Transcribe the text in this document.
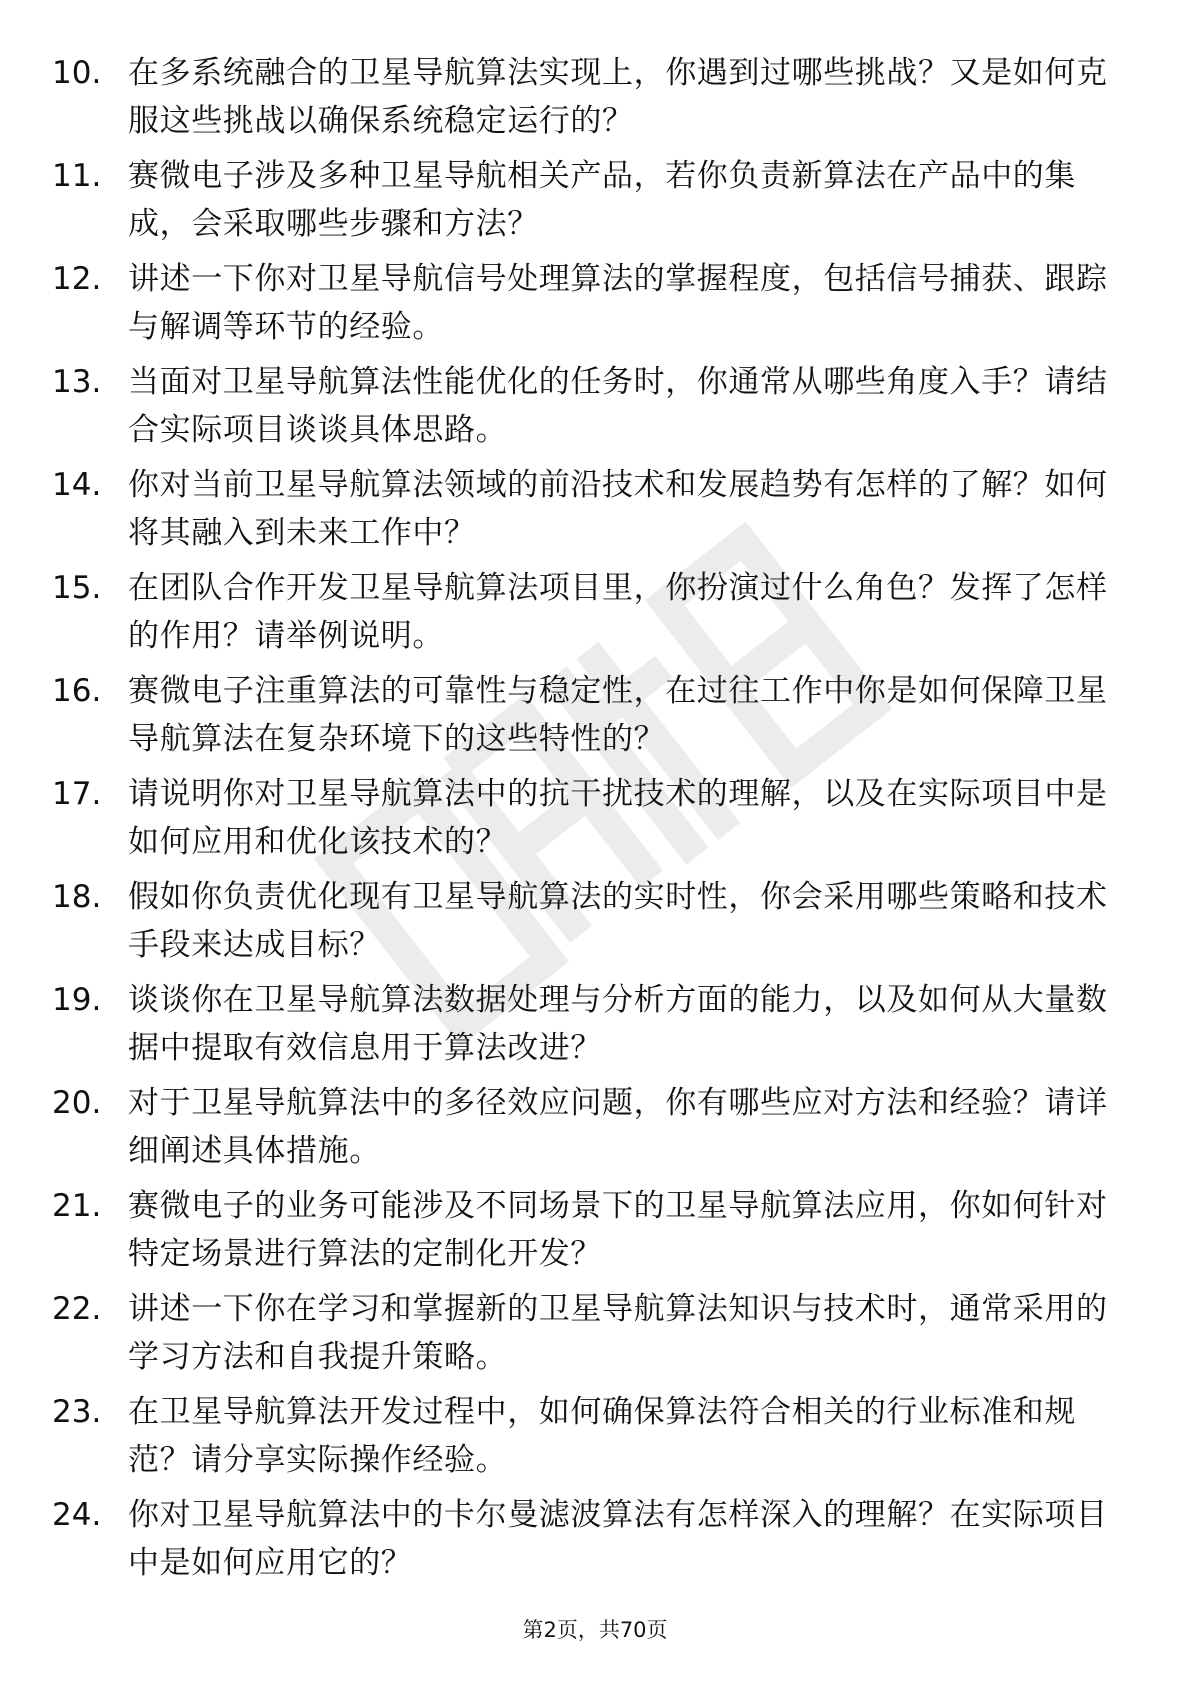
10. 在多系统融合的卫星导航算法实现上，你遇到过哪些挑战？又是如何克服这些挑战以确保系统稳定运行的？
11. 赛微电子涉及多种卫星导航相关产品，若你负责新算法在产品中的集成，会采取哪些步骤和方法？
12. 讲述一下你对卫星导航信号处理算法的掌握程度，包括信号捕获、跟踪与解调等环节的经验。
13. 当面对卫星导航算法性能优化的任务时，你通常从哪些角度入手？请结合实际项目谈谈具体思路。
14. 你对当前卫星导航算法领域的前沿技术和发展趋势有怎样的了解？如何将其融入到未来工作中？
15. 在团队合作开发卫星导航算法项目里，你扮演过什么角色？发挥了怎样的作用？请举例说明。
16. 赛微电子注重算法的可靠性与稳定性，在过往工作中你是如何保障卫星导航算法在复杂环境下的这些特性的？
17. 请说明你对卫星导航算法中的抗干扰技术的理解，以及在实际项目中是如何应用和优化该技术的？
18. 假如你负责优化现有卫星导航算法的实时性，你会采用哪些策略和技术手段来达成目标？
19. 谈谈你在卫星导航算法数据处理与分析方面的能力，以及如何从大量数据中提取有效信息用于算法改进？
20. 对于卫星导航算法中的多径效应问题，你有哪些应对方法和经验？请详细阐述具体措施。
21. 赛微电子的业务可能涉及不同场景下的卫星导航算法应用，你如何针对特定场景进行算法的定制化开发？
22. 讲述一下你在学习和掌握新的卫星导航算法知识与技术时，通常采用的学习方法和自我提升策略。
23. 在卫星导航算法开发过程中，如何确保算法符合相关的行业标准和规范？请分享实际操作经验。
24. 你对卫星导航算法中的卡尔曼滤波算法有怎样深入的理解？在实际项目中是如何应用它的？
第2页，共70页
